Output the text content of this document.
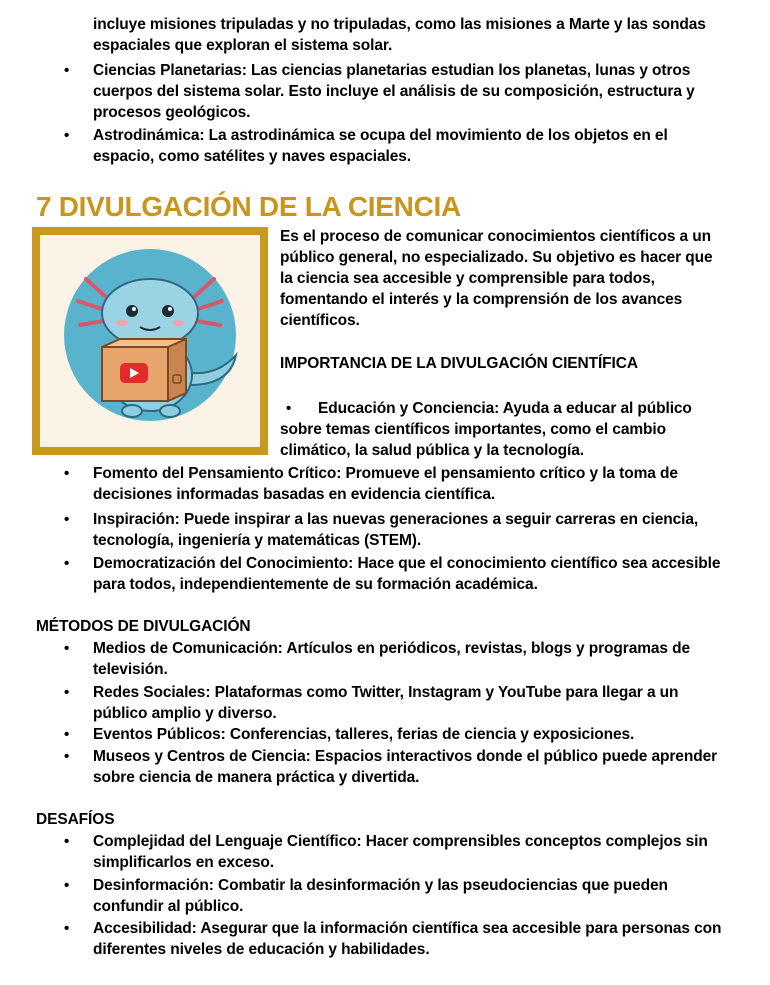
incluye misiones tripuladas y no tripuladas, como las misiones a Marte y las sondas
espaciales que exploran el sistema solar.
• Ciencias Planetarias: Las ciencias planetarias estudian los planetas, lunas y otros
cuerpos del sistema solar. Esto incluye el análisis de su composición, estructura y
procesos geológicos.
• Astrodinámica: La astrodinámica se ocupa del movimiento de los objetos en el
espacio, como satélites y naves espaciales.
7 DIVULGACIÓN DE LA CIENCIA
Es el proceso de comunicar conocimientos científicos a un
público general, no especializado. Su objetivo es hacer que
la ciencia sea accesible y comprensible para todos,
fomentando el interés y la comprensión de los avances
científicos.
IMPORTANCIA DE LA DIVULGACIÓN CIENTÍFICA
• Educación y Conciencia: Ayuda a educar al público
sobre temas científicos importantes, como el cambio
climático, la salud pública y la tecnología.
• Fomento del Pensamiento Crítico: Promueve el pensamiento crítico y la toma de
decisiones informadas basadas en evidencia científica.
• Inspiración: Puede inspirar a las nuevas generaciones a seguir carreras en ciencia,
tecnología, ingeniería y matemáticas (STEM).
• Democratización del Conocimiento: Hace que el conocimiento científico sea accesible
para todos, independientemente de su formación académica.
MÉTODOS DE DIVULGACIÓN
• Medios de Comunicación: Artículos en periódicos, revistas, blogs y programas de
televisión.
• Redes Sociales: Plataformas como Twitter, Instagram y YouTube para llegar a un
público amplio y diverso.
• Eventos Públicos: Conferencias, talleres, ferias de ciencia y exposiciones.
• Museos y Centros de Ciencia: Espacios interactivos donde el público puede aprender
sobre ciencia de manera práctica y divertida.
DESAFÍOS
• Complejidad del Lenguaje Científico: Hacer comprensibles conceptos complejos sin
simplificarlos en exceso.
• Desinformación: Combatir la desinformación y las pseudociencias que pueden
confundir al público.
• Accesibilidad: Asegurar que la información científica sea accesible para personas con
diferentes niveles de educación y habilidades.
